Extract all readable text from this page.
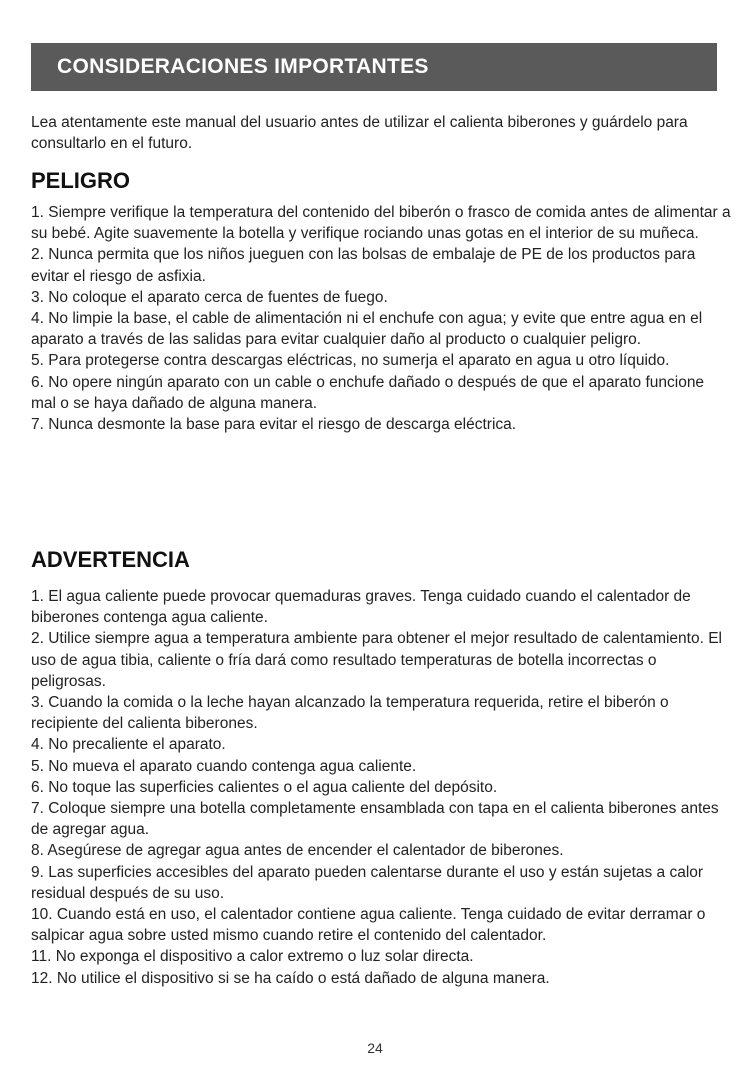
CONSIDERACIONES IMPORTANTES

Lea atentamente este manual del usuario antes de utilizar el calienta biberones y guárdelo para consultarlo en el futuro.

PELIGRO
1. Siempre verifique la temperatura del contenido del biberón o frasco de comida antes de alimentar a su bebé. Agite suavemente la botella y verifique rociando unas gotas en el interior de su muñeca.
2. Nunca permita que los niños jueguen con las bolsas de embalaje de PE de los productos para evitar el riesgo de asfixia.
3. No coloque el aparato cerca de fuentes de fuego.
4. No limpie la base, el cable de alimentación ni el enchufe con agua; y evite que entre agua en el aparato a través de las salidas para evitar cualquier daño al producto o cualquier peligro.
5. Para protegerse contra descargas eléctricas, no sumerja el aparato en agua u otro líquido.
6. No opere ningún aparato con un cable o enchufe dañado o después de que el aparato funcione mal o se haya dañado de alguna manera.
7. Nunca desmonte la base para evitar el riesgo de descarga eléctrica.
ADVERTENCIA
1. El agua caliente puede provocar quemaduras graves. Tenga cuidado cuando el calentador de biberones contenga agua caliente.
2. Utilice siempre agua a temperatura ambiente para obtener el mejor resultado de calentamiento. El uso de agua tibia, caliente o fría dará como resultado temperaturas de botella incorrectas o peligrosas.
3. Cuando la comida o la leche hayan alcanzado la temperatura requerida, retire el biberón o recipiente del calienta biberones.
4. No precaliente el aparato.
5. No mueva el aparato cuando contenga agua caliente.
6. No toque las superficies calientes o el agua caliente del depósito.
7. Coloque siempre una botella completamente ensamblada con tapa en el calienta biberones antes de agregar agua.
8. Asegúrese de agregar agua antes de encender el calentador de biberones.
9. Las superficies accesibles del aparato pueden calentarse durante el uso y están sujetas a calor residual después de su uso.
10. Cuando está en uso, el calentador contiene agua caliente. Tenga cuidado de evitar derramar o salpicar agua sobre usted mismo cuando retire el contenido del calentador.
11. No exponga el dispositivo a calor extremo o luz solar directa.
12. No utilice el dispositivo si se ha caído o está dañado de alguna manera.
24
